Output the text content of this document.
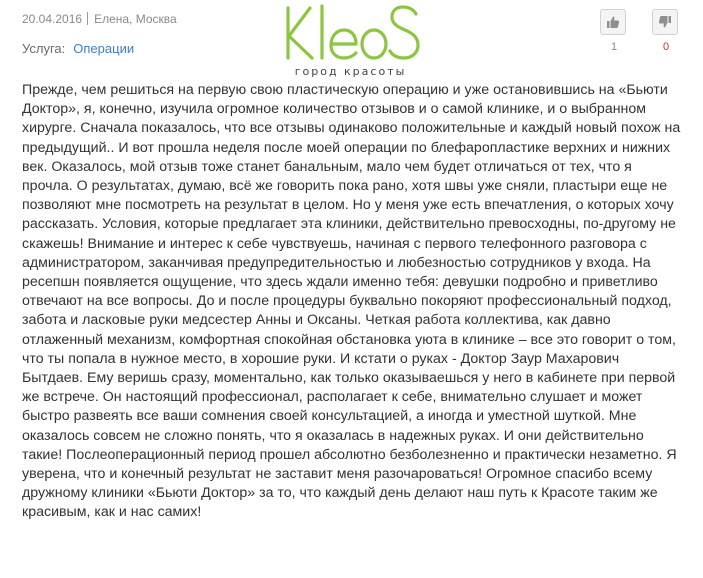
20.04.2016 Елена, Москва
Услуга: Операции
город красоты
1	0

Прежде, чем решиться на первую свою пластическую операцию и уже остановившись на «Бьюти Доктор», я, конечно, изучила огромное количество отзывов и о самой клинике, и о выбранном хирурге. Сначала показалось, что все отзывы одинаково положительные и каждый новый похож на предыдущий.. И вот прошла неделя после моей операции по блефаропластике верхних и нижних век. Оказалось, мой отзыв тоже станет банальным, мало чем будет отличаться от тех, что я прочла. О результатах, думаю, всё же говорить пока рано, хотя швы уже сняли, пластыри еще не позволяют мне посмотреть на результат в целом. Но у меня уже есть впечатления, о которых хочу рассказать. Условия, которые предлагает эта клиники, действительно превосходны, по-другому не скажешь! Внимание и интерес к себе чувствуешь, начиная с первого телефонного разговора с администратором, заканчивая предупредительностью и любезностью сотрудников у входа. На ресепшн появляется ощущение, что здесь ждали именно тебя: девушки подробно и приветливо отвечают на все вопросы. До и после процедуры буквально покоряют профессиональный подход, забота и ласковые руки медсестер Анны и Оксаны. Четкая работа коллектива, как давно отлаженный механизм, комфортная спокойная обстановка уюта в клинике – все это говорит о том, что ты попала в нужное место, в хорошие руки. И кстати о руках - Доктор Заур Махарович Бытдаев. Ему веришь сразу, моментально, как только оказываешься у него в кабинете при первой же встрече. Он настоящий профессионал, располагает к себе, внимательно слушает и может быстро развеять все ваши сомнения своей консультацией, а иногда и уместной шуткой. Мне оказалось совсем не сложно понять, что я оказалась в надежных руках. И они действительно такие! Послеоперационный период прошел абсолютно безболезненно и практически незаметно. Я уверена, что и конечный результат не заставит меня разочароваться! Огромное спасибо всему дружному клиники «Бьюти Доктор» за то, что каждый день делают наш путь к Красоте таким же красивым, как и нас самих!
